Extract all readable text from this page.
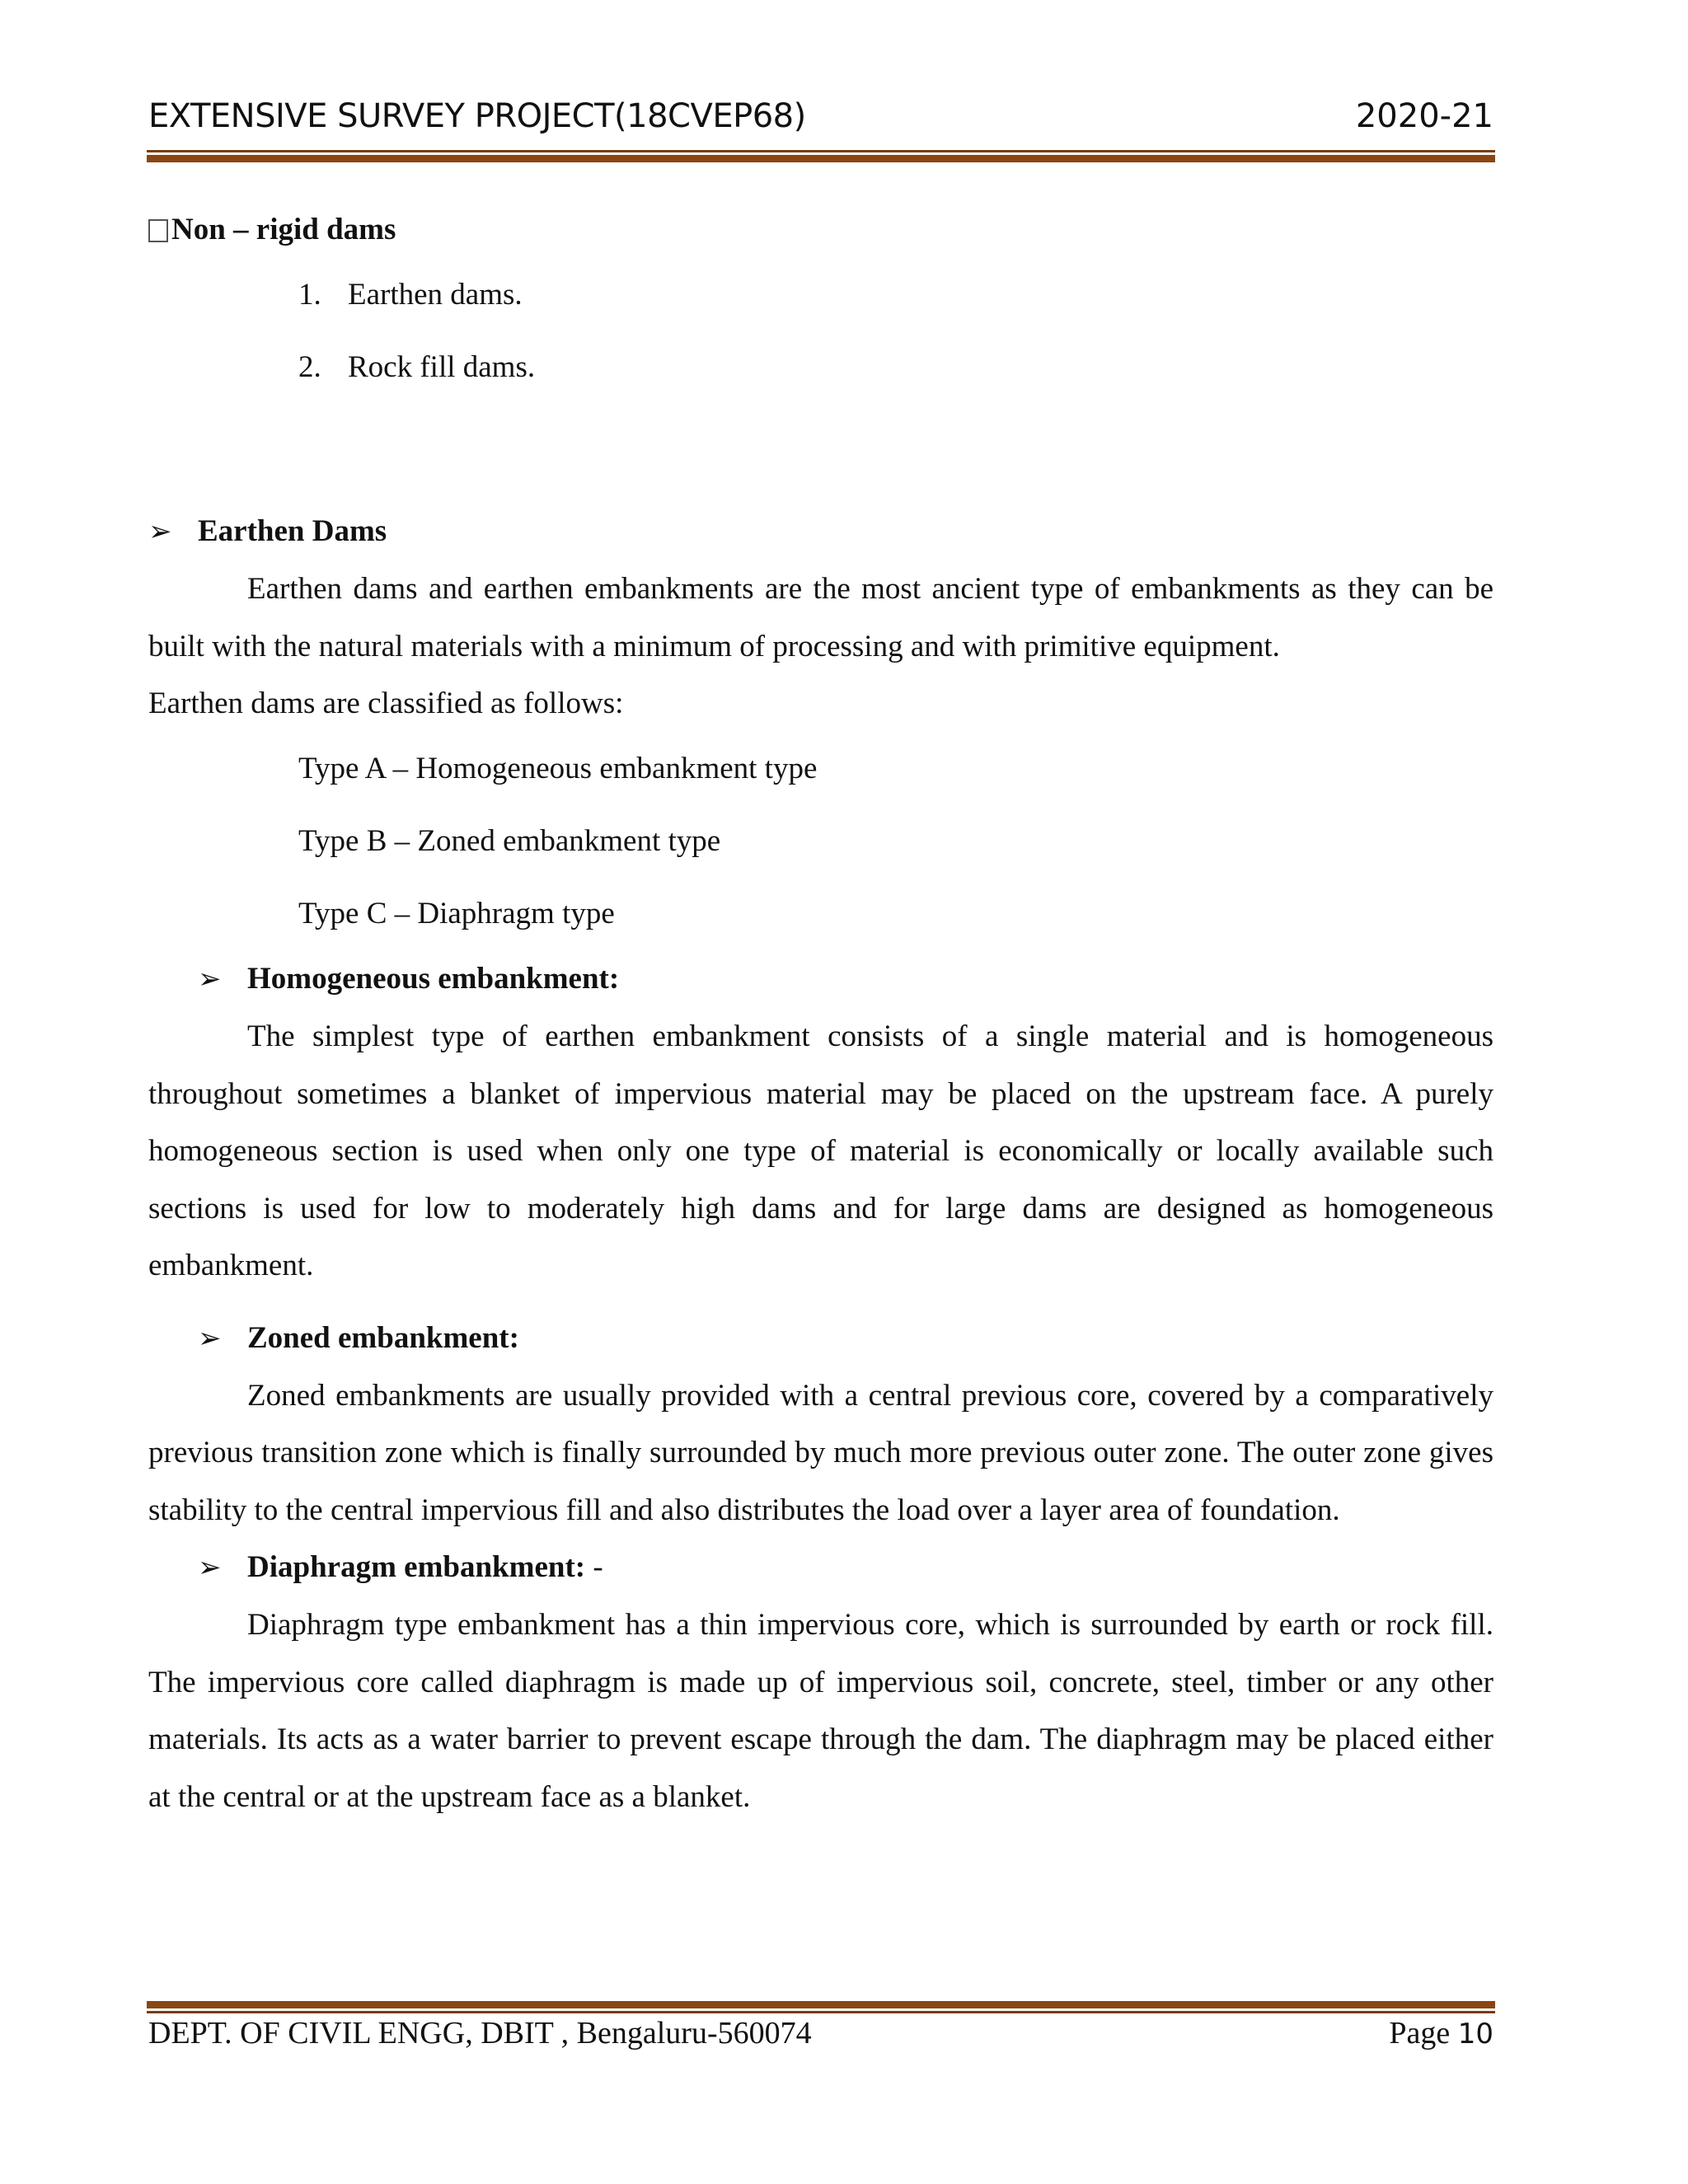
EXTENSIVE SURVEY PROJECT(18CVEP68)	2020-21
Non – rigid dams
1. Earthen dams.
2. Rock fill dams.
➢ Earthen Dams

Earthen dams and earthen embankments are the most ancient type of embankments as they can be built with the natural materials with a minimum of processing and with primitive equipment.

Earthen dams are classified as follows:
Type A – Homogeneous embankment type
Type B – Zoned embankment type
Type C – Diaphragm type
➢ Homogeneous embankment:

The simplest type of earthen embankment consists of a single material and is homogeneous throughout sometimes a blanket of impervious material may be placed on the upstream face. A purely homogeneous section is used when only one type of material is economically or locally available such sections is used for low to moderately high dams and for large dams are designed as homogeneous embankment.

➢ Zoned embankment:

Zoned embankments are usually provided with a central previous core, covered by a comparatively previous transition zone which is finally surrounded by much more previous outer zone. The outer zone gives stability to the central impervious fill and also distributes the load over a layer area of foundation.

➢ Diaphragm embankment: -

Diaphragm type embankment has a thin impervious core, which is surrounded by earth or rock fill. The impervious core called diaphragm is made up of impervious soil, concrete, steel, timber or any other materials. Its acts as a water barrier to prevent escape through the dam. The diaphragm may be placed either at the central or at the upstream face as a blanket.

DEPT. OF CIVIL ENGG, DBIT , Bengaluru-560074	Page 10
